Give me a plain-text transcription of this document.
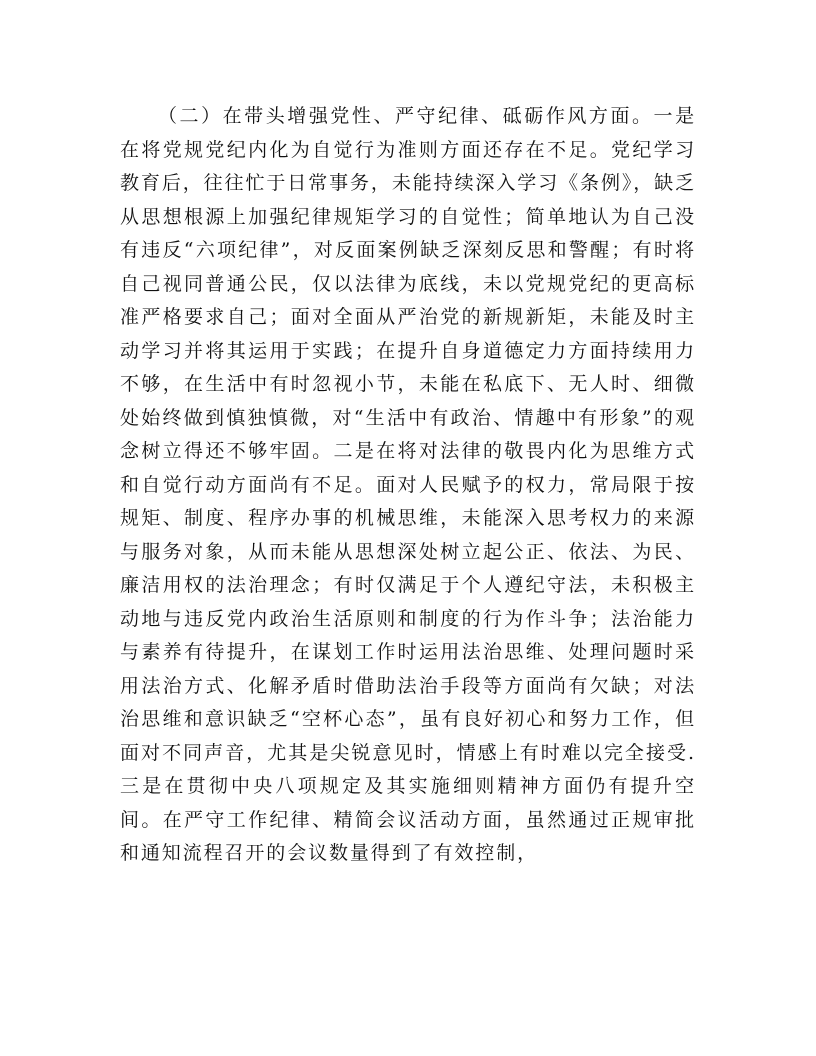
（二）在带头增强党性、严守纪律、砥砺作风方面。一是在将党规党纪内化为自觉行为准则方面还存在不足。党纪学习教育后，往往忙于日常事务，未能持续深入学习《条例》，缺乏从思想根源上加强纪律规矩学习的自觉性；简单地认为自己没有违反“六项纪律”，对反面案例缺乏深刻反思和警醒；有时将自己视同普通公民，仅以法律为底线，未以党规党纪的更高标准严格要求自己；面对全面从严治党的新规新矩，未能及时主动学习并将其运用于实践；在提升自身道德定力方面持续用力不够，在生活中有时忽视小节，未能在私底下、无人时、细微处始终做到慎独慎微，对“生活中有政治、情趣中有形象”的观念树立得还不够牢固。二是在将对法律的敬畏内化为思维方式和自觉行动方面尚有不足。面对人民赋予的权力，常局限于按规矩、制度、程序办事的机械思维，未能深入思考权力的来源与服务对象，从而未能从思想深处树立起公正、依法、为民、廉洁用权的法治理念；有时仅满足于个人遵纪守法，未积极主动地与违反党内政治生活原则和制度的行为作斗争；法治能力与素养有待提升，在谋划工作时运用法治思维、处理问题时采用法治方式、化解矛盾时借助法治手段等方面尚有欠缺；对法治思维和意识缺乏“空杯心态”，虽有良好初心和努力工作，但面对不同声音，尤其是尖锐意见时，情感上有时难以完全接受.三是在贯彻中央八项规定及其实施细则精神方面仍有提升空间。在严守工作纪律、精简会议活动方面，虽然通过正规审批和通知流程召开的会议数量得到了有效控制，
